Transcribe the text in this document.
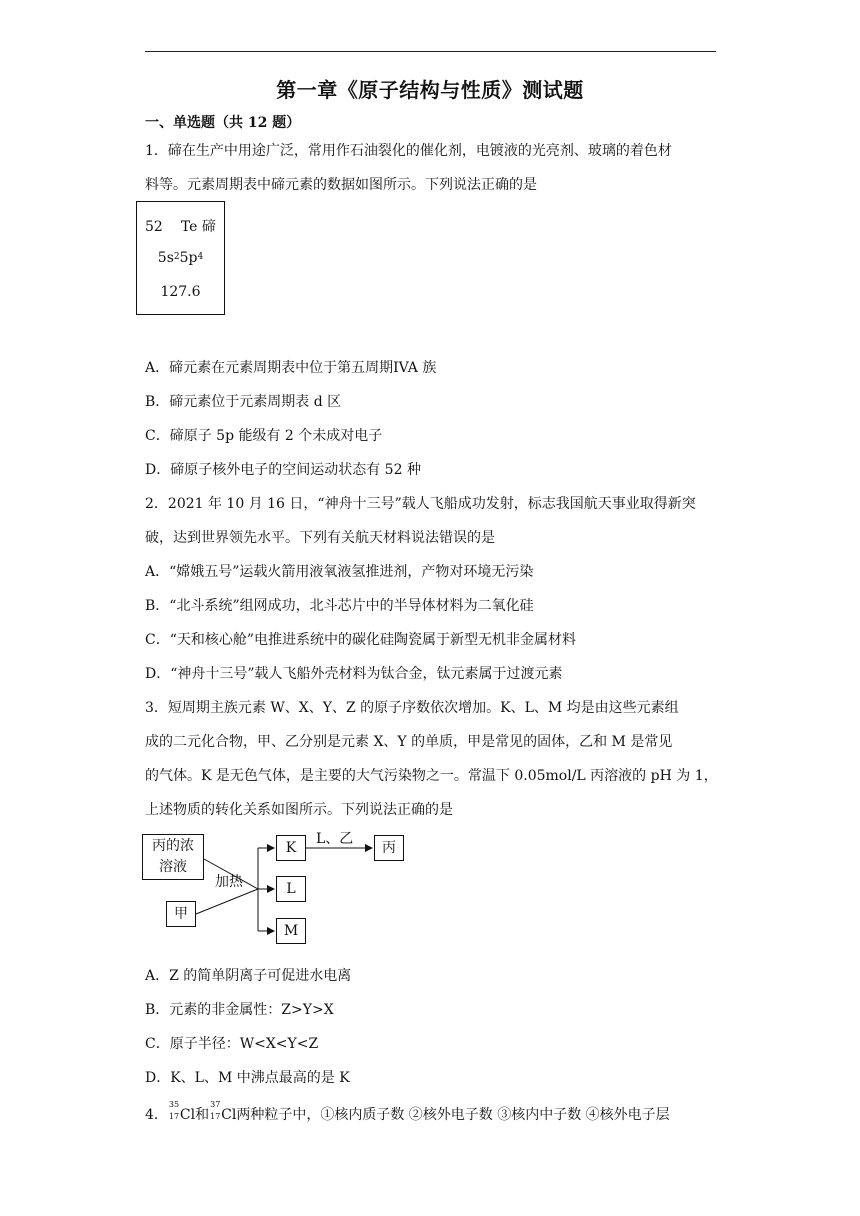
第一章《原子结构与性质》测试题
一、单选题（共 12 题）
1．碲在生产中用途广泛，常用作石油裂化的催化剂，电镀液的光亮剂、玻璃的着色材
料等。元素周期表中碲元素的数据如图所示。下列说法正确的是
52 Te 碲
$5s^25p^4$
127.6
A．碲元素在元素周期表中位于第五周期IVA 族
B．碲元素位于元素周期表 d 区
C．碲原子 5p 能级有 2 个未成对电子
D．碲原子核外电子的空间运动状态有 52 种
2．2021 年 10 月 16 日，“神舟十三号”载人飞船成功发射，标志我国航天事业取得新突
破，达到世界领先水平。下列有关航天材料说法错误的是
A．“嫦娥五号”运载火箭用液氧液氢推进剂，产物对环境无污染
B．“北斗系统”组网成功，北斗芯片中的半导体材料为二氧化硅
C．“天和核心舱”电推进系统中的碳化硅陶瓷属于新型无机非金属材料
D．“神舟十三号”载人飞船外壳材料为钛合金，钛元素属于过渡元素
3．短周期主族元素 W、X、Y、Z 的原子序数依次增加。K、L、M 均是由这些元素组
成的二元化合物，甲、乙分别是元素 X、Y 的单质，甲是常见的固体，乙和 M 是常见
的气体。K 是无色气体，是主要的大气污染物之一。常温下 0.05mol/L 丙溶液的 pH 为 1，
上述物质的转化关系如图所示。下列说法正确的是
丙的浓
溶液
甲
加热
K
L
M
L、乙
丙
A．Z 的简单阴离子可促进水电离
B．元素的非金属性：Z>Y>X
C．原子半径：W<X<Y<Z
D．K、L、M 中沸点最高的是 K
4．
35
17 Cl和
37
17 Cl两种粒子中，①核内质子数 ②核外电子数 ③核内中子数 ④核外电子层
